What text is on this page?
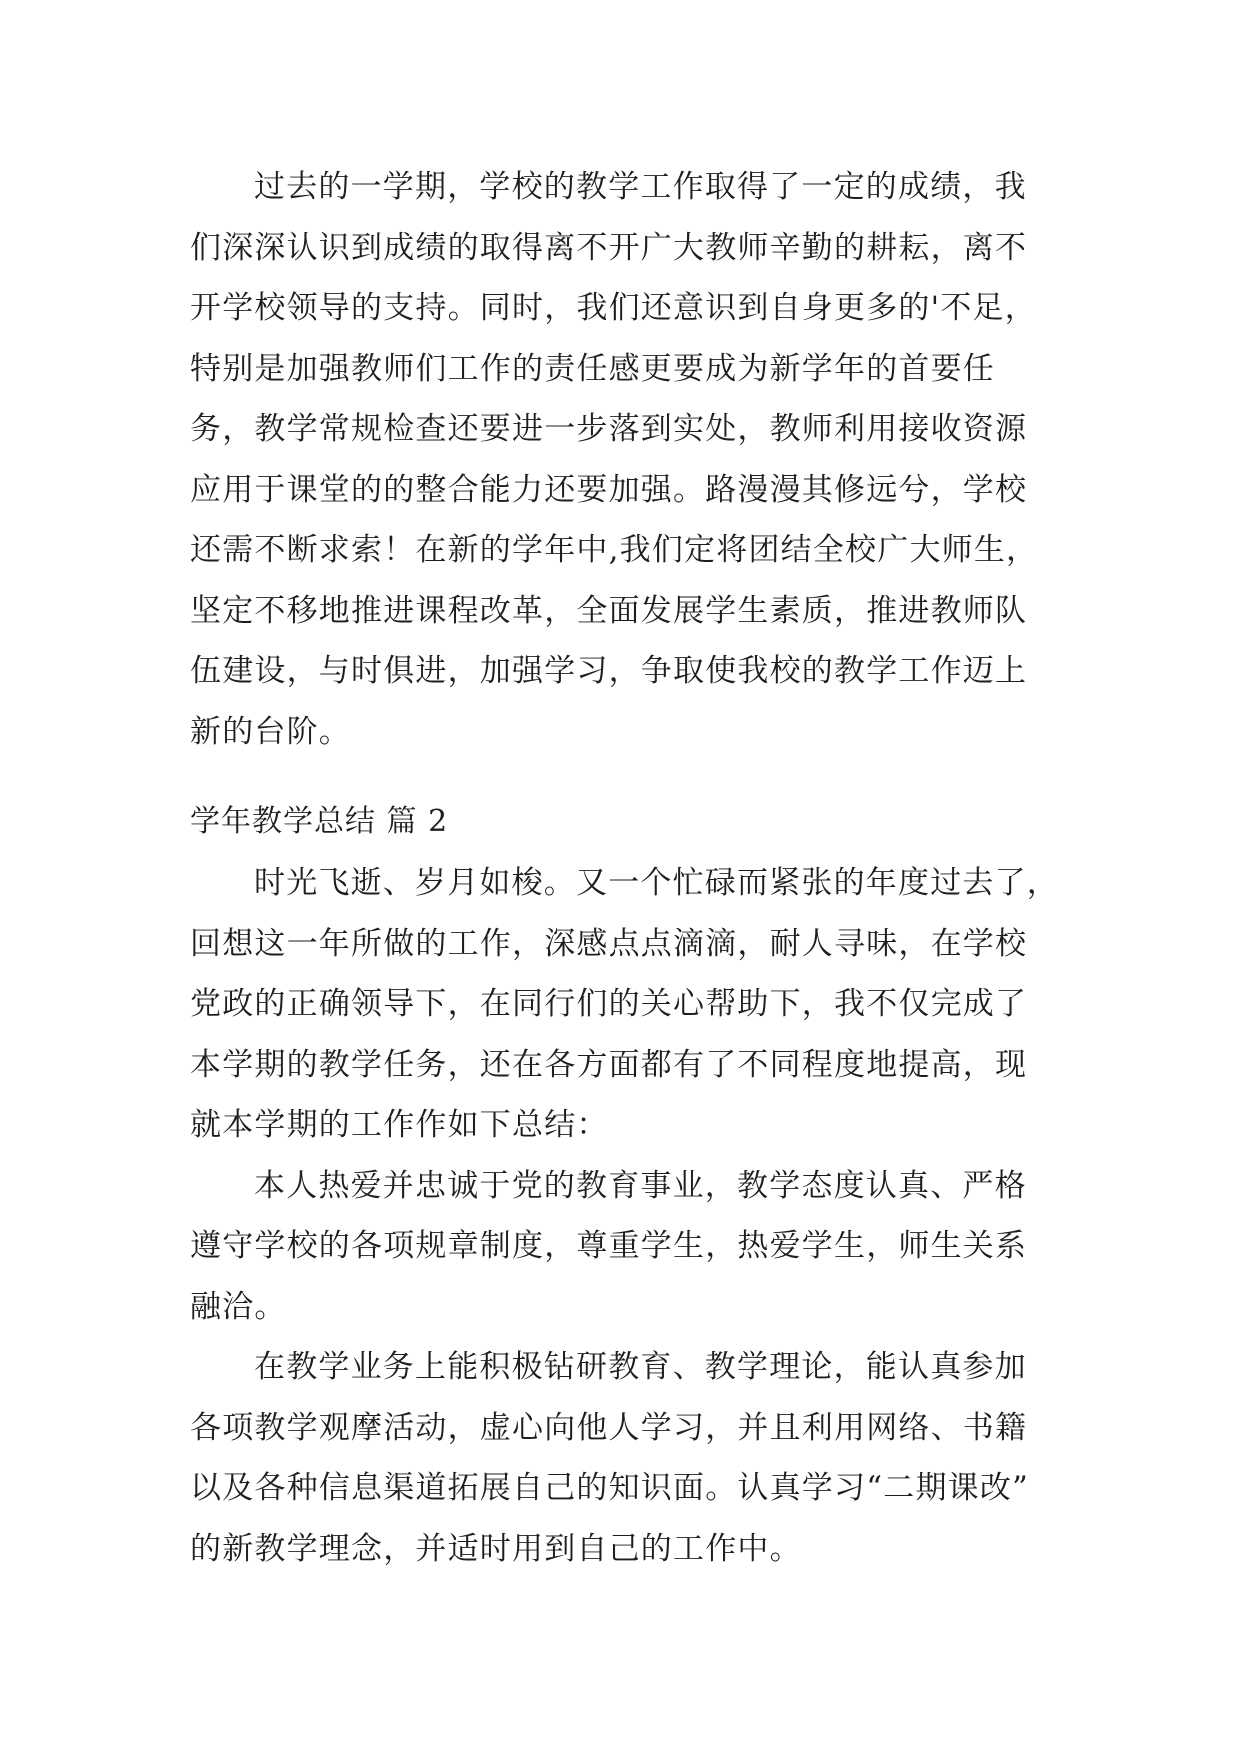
过去的一学期，学校的教学工作取得了一定的成绩，我
们深深认识到成绩的取得离不开广大教师辛勤的耕耘，离不
开学校领导的支持。同时，我们还意识到自身更多的'不足，
特别是加强教师们工作的责任感更要成为新学年的首要任
务，教学常规检查还要进一步落到实处，教师利用接收资源
应用于课堂的的整合能力还要加强。路漫漫其修远兮，学校
还需不断求索！在新的学年中,我们定将团结全校广大师生，
坚定不移地推进课程改革，全面发展学生素质，推进教师队
伍建设，与时俱进，加强学习，争取使我校的教学工作迈上
新的台阶。
学年教学总结 篇 2
时光飞逝、岁月如梭。又一个忙碌而紧张的年度过去了，
回想这一年所做的工作，深感点点滴滴，耐人寻味，在学校
党政的正确领导下，在同行们的关心帮助下，我不仅完成了
本学期的教学任务，还在各方面都有了不同程度地提高，现
就本学期的工作作如下总结：
本人热爱并忠诚于党的教育事业，教学态度认真、严格
遵守学校的各项规章制度，尊重学生，热爱学生，师生关系
融洽。
在教学业务上能积极钻研教育、教学理论，能认真参加
各项教学观摩活动，虚心向他人学习，并且利用网络、书籍
以及各种信息渠道拓展自己的知识面。认真学习“二期课改”
的新教学理念，并适时用到自己的工作中。
